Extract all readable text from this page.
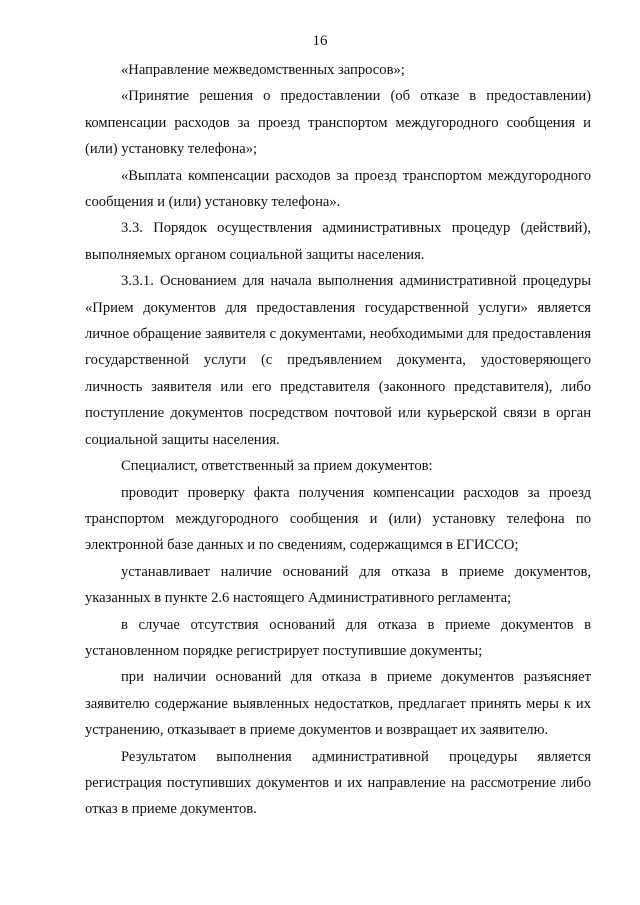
16

«Направление межведомственных запросов»;

«Принятие решения о предоставлении (об отказе в предоставлении) компенсации расходов за проезд транспортом междугородного сообщения и (или) установку телефона»;

«Выплата компенсации расходов за проезд транспортом междугородного сообщения и (или) установку телефона».

3.3. Порядок осуществления административных процедур (действий), выполняемых органом социальной защиты населения.

3.3.1. Основанием для начала выполнения административной процедуры «Прием документов для предоставления государственной услуги» является личное обращение заявителя с документами, необходимыми для предоставления государственной услуги (с предъявлением документа, удостоверяющего личность заявителя или его представителя (законного представителя), либо поступление документов посредством почтовой или курьерской связи в орган социальной защиты населения.

Специалист, ответственный за прием документов:

проводит проверку факта получения компенсации расходов за проезд транспортом междугородного сообщения и (или) установку телефона по электронной базе данных и по сведениям, содержащимся в ЕГИССО;

устанавливает наличие оснований для отказа в приеме документов, указанных в пункте 2.6 настоящего Административного регламента;

в случае отсутствия оснований для отказа в приеме документов в установленном порядке регистрирует поступившие документы;

при наличии оснований для отказа в приеме документов разъясняет заявителю содержание выявленных недостатков, предлагает принять меры к их устранению, отказывает в приеме документов и возвращает их заявителю.

Результатом выполнения административной процедуры является регистрация поступивших документов и их направление на рассмотрение либо отказ в приеме документов.
